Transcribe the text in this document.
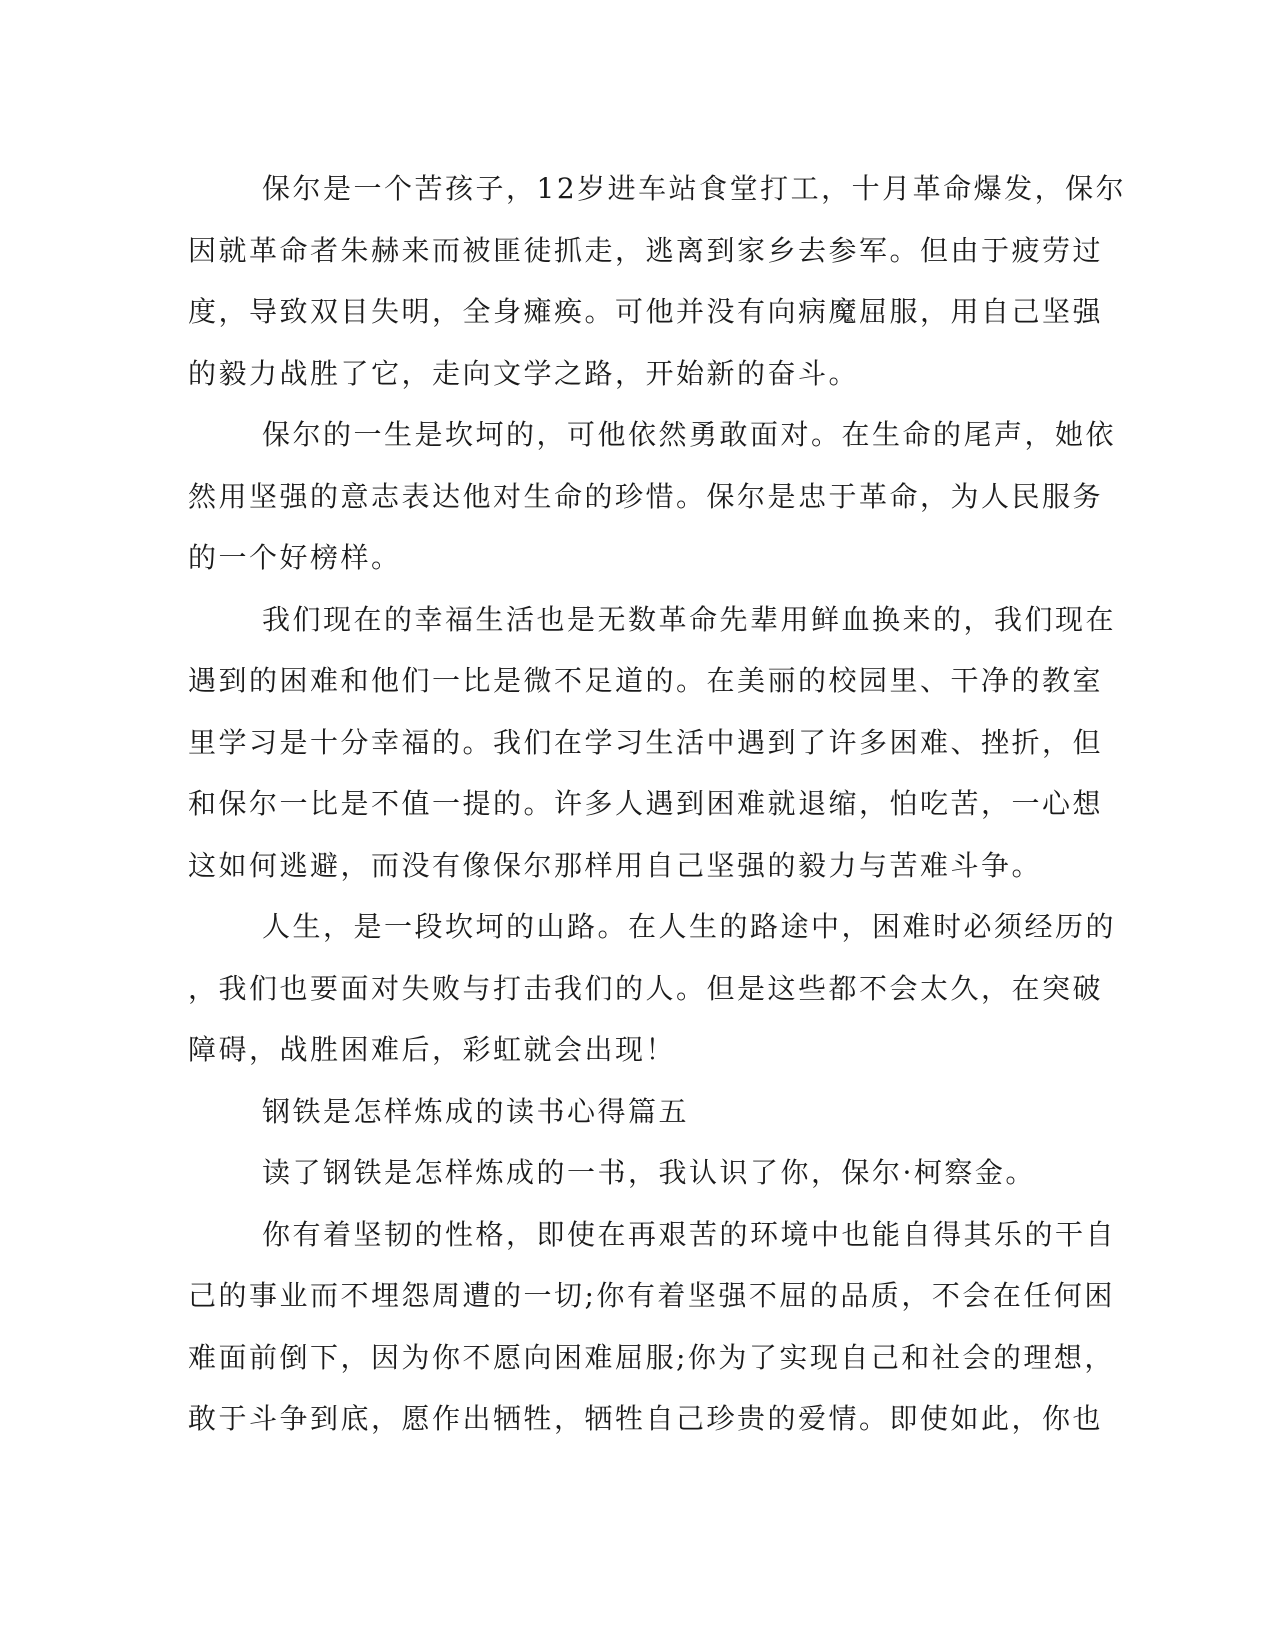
保尔是一个苦孩子，12岁进车站食堂打工，十月革命爆发，保尔
因就革命者朱赫来而被匪徒抓走，逃离到家乡去参军。但由于疲劳过
度，导致双目失明，全身瘫痪。可他并没有向病魔屈服，用自己坚强
的毅力战胜了它，走向文学之路，开始新的奋斗。
保尔的一生是坎坷的，可他依然勇敢面对。在生命的尾声，她依
然用坚强的意志表达他对生命的珍惜。保尔是忠于革命，为人民服务
的一个好榜样。
我们现在的幸福生活也是无数革命先辈用鲜血换来的，我们现在
遇到的困难和他们一比是微不足道的。在美丽的校园里、干净的教室
里学习是十分幸福的。我们在学习生活中遇到了许多困难、挫折，但
和保尔一比是不值一提的。许多人遇到困难就退缩，怕吃苦，一心想
这如何逃避，而没有像保尔那样用自己坚强的毅力与苦难斗争。
人生，是一段坎坷的山路。在人生的路途中，困难时必须经历的
，我们也要面对失败与打击我们的人。但是这些都不会太久，在突破
障碍，战胜困难后，彩虹就会出现！
钢铁是怎样炼成的读书心得篇五
读了钢铁是怎样炼成的一书，我认识了你，保尔·柯察金。
你有着坚韧的性格，即使在再艰苦的环境中也能自得其乐的干自
己的事业而不埋怨周遭的一切;你有着坚强不屈的品质，不会在任何困
难面前倒下，因为你不愿向困难屈服;你为了实现自己和社会的理想，
敢于斗争到底，愿作出牺牲，牺牲自己珍贵的爱情。即使如此，你也
